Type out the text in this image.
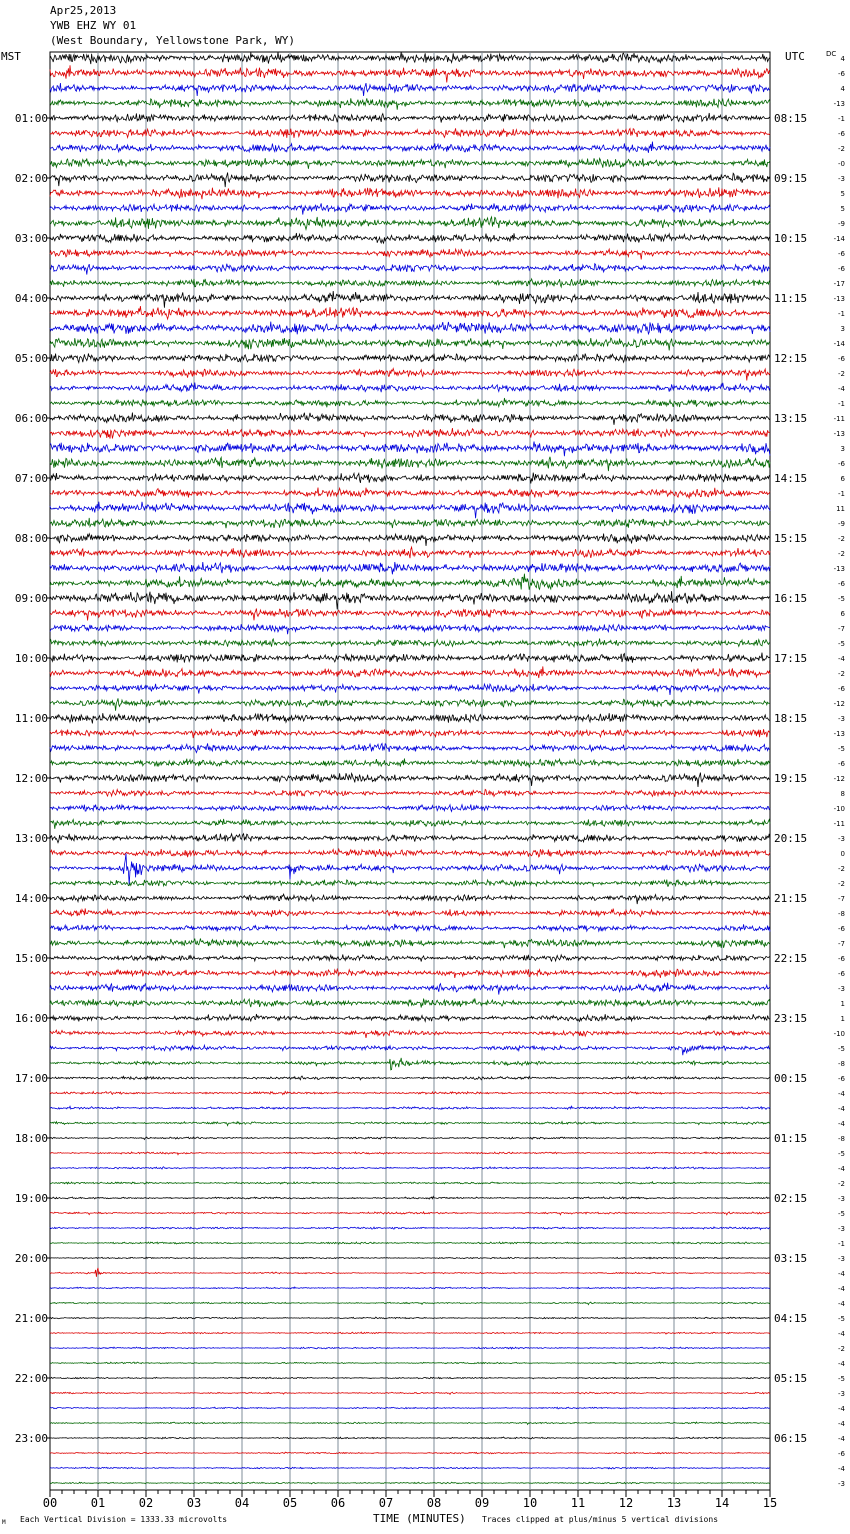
Apr25,2013
YWB EHZ WY 01
(West Boundary, Yellowstone Park, WY)
MST	UTC
00	01	02	03	04	05	06	07	08	09	10	11	12	13	14	15
4
-6
4
-13
-1
-6
-2
-0
-3
5
5
-9
-14
-6
-6
-17
-13
-1
3
-14
-6
-2
-4
-1
-11
-13
3
-6
6
-1
11
-9
-2
-2
-13
-6
-5
6
-7
-5
-4
-2
-6
-12
-3
-13
-5
-6
-12
8
-10
-11
-3
0
-2
-2
-7
-8
-6
-7
-6
-6
-3
1
1
-10
-5
-8
-6
-4
-4
-4
-8
-5
-4
-2
-3
-5
-3
-1
-3
-4
-4
-4
-5
-4
-2
-4
-5
-3
-4
-4
-4
-6
-4
-3
01:00
02:00
03:00
04:00
05:00
06:00
07:00
08:00
09:00
10:00
11:00
12:00
13:00
14:00
15:00
16:00
17:00
18:00
19:00
20:00
21:00
22:00
23:00
08:15
09:15
10:15
11:15
12:15
13:15
14:15
15:15
16:15
17:15
18:15
19:15
20:15
21:15
22:15
23:15
00:15
01:15
02:15
03:15
04:15
05:15
06:15
DC
Each Vertical Division = 1333.33 microvolts	TIME (MINUTES) Traces clipped at plus/minus 5 vertical divisions
M
